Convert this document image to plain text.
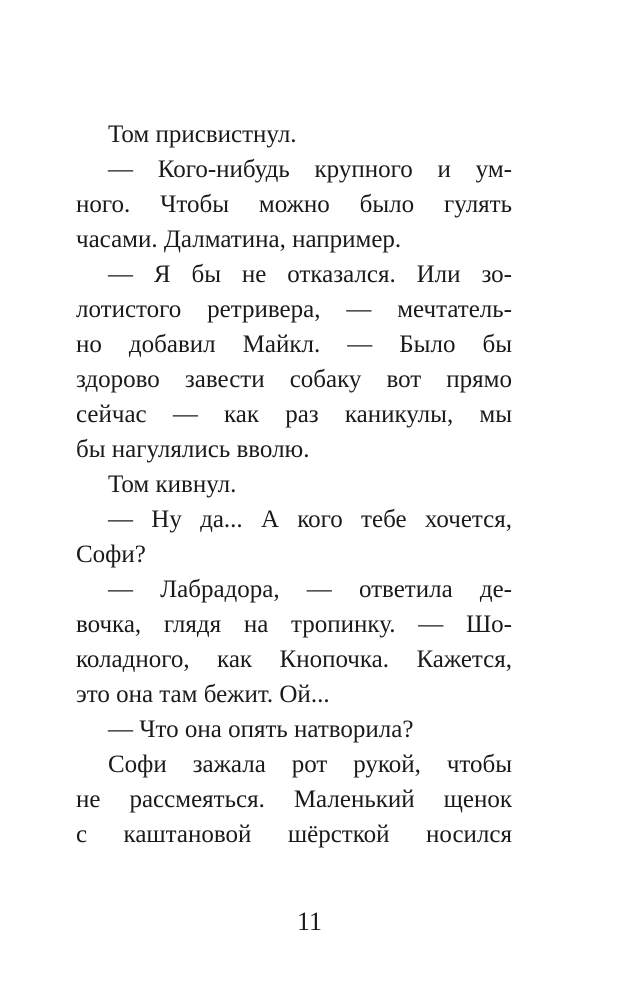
Том присвистнул.
— Кого-нибудь крупного и ум-
ного. Чтобы можно было гулять
часами. Далматина, например.
— Я бы не отказался. Или зо-
лотистого ретривера, — мечтатель-
но добавил Майкл. — Было бы
здорово завести собаку вот прямо
сейчас — как раз каникулы, мы
бы нагулялись вволю.
Том кивнул.
— Ну да... А кого тебе хочется,
Софи?
— Лабрадора, — ответила де-
вочка, глядя на тропинку. — Шо-
коладного, как Кнопочка. Кажется,
это она там бежит. Ой...
— Что она опять натворила?
Софи зажала рот рукой, чтобы
не рассмеяться. Маленький щенок
с каштановой шёрсткой носился
11
